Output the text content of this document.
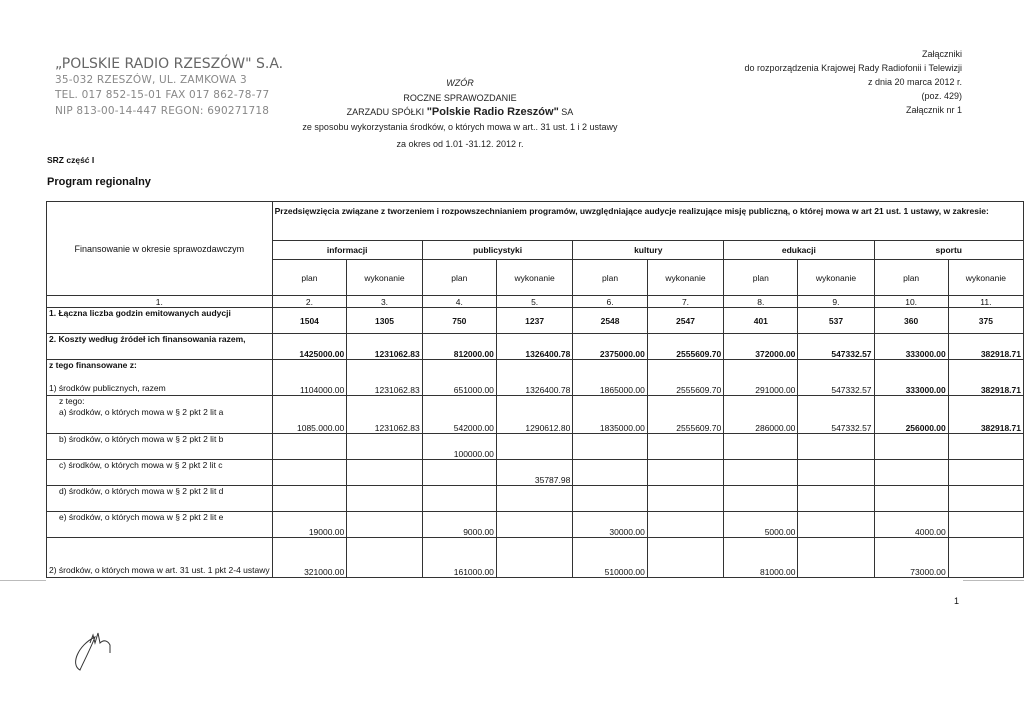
„POLSKIE RADIO RZESZÓW" S.A.
35-032 RZESZÓW, UL. ZAMKOWA 3
TEL. 017 852-15-01 FAX 017 862-78-77
NIP 813-00-14-447 REGON: 690271718
WZÓR
ROCZNE SPRAWOZDANIE
ZARZADU SPÓŁKI "Polskie Radio Rzeszów" SA
ze sposobu wykorzystania środków, o których mowa w art.. 31 ust. 1 i 2 ustawy
za okres od 1.01 -31.12. 2012 r.
Załączniki
do rozporządzenia Krajowej Rady Radiofonii i Telewizji
z dnia 20 marca 2012 r.
(poz. 429)
Załącznik nr 1
SRZ część I
Program regionalny
Finansowanie w okresie sprawozdawczym	Przedsięwzięcia związane z tworzeniem i rozpowszechnianiem programów, uwzględniające audycje realizujące misję publiczną, o której mowa w art 21 ust. 1 ustawy, w zakresie:									
	informacji		publicystyki		kultury		edukacji		sportu	
	plan	wykonanie	plan	wykonanie	plan	wykonanie	plan	wykonanie	plan	wykonanie
1.	2.	3.	4.	5.	6.	7.	8.	9.	10.	11.
1. Łączna liczba godzin emitowanych audycji	1504	1305	750	1237	2548	2547	401	537	360	375
2. Koszty według źródeł ich finansowania razem,	1425000.00	1231062.83	812000.00	1326400.78	2375000.00	2555609.70	372000.00	547332.57	333000.00	382918.71
z tego finansowane z:

1) środków publicznych, razem	1104000.00	1231062.83	651000.00	1326400.78	1865000.00	2555609.70	291000.00	547332.57	333000.00	382918.71
z tego:
a) środków, o których mowa w § 2 pkt 2 lit a	1085.000.00	1231062.83	542000.00	1290612.80	1835000.00	2555609.70	286000.00	547332.57	256000.00	382918.71
b) środków, o których mowa w § 2 pkt 2 lit b			100000.00							
c) środków, o których mowa w § 2 pkt 2 lit c				35787.98						
d) środków, o których mowa w § 2 pkt 2 lit d										
e) środków, o których mowa w § 2 pkt 2 lit e	19000.00		9000.00		30000.00		5000.00		4000.00	
2) środków, o których mowa w art. 31 ust. 1 pkt 2-4 ustawy	321000.00		161000.00		510000.00		81000.00		73000.00	
1
